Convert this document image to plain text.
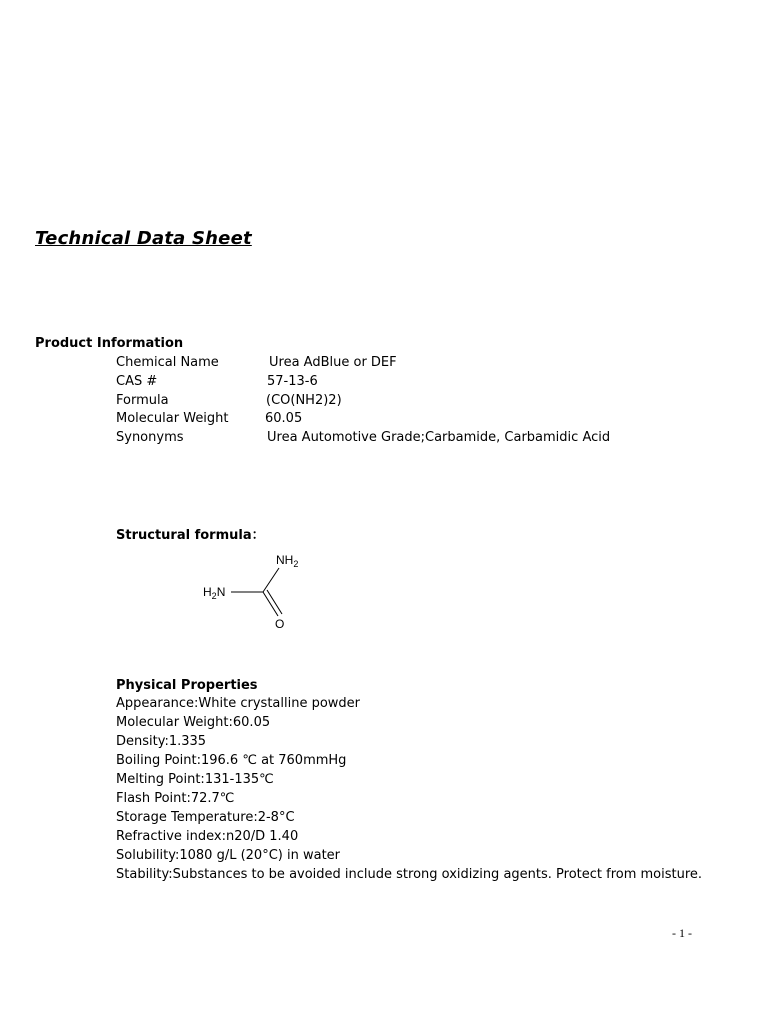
Technical Data Sheet
Product Information
Chemical Name	Urea AdBlue or DEF
CAS #	57-13-6
Formula	(CO(NH2)2)
Molecular Weight	60.05
Synonyms	Urea Automotive Grade;Carbamide, Carbamidic Acid
Structural formula：
$NH_2$
$H_2N$
O
Physical Properties
Appearance:White crystalline powder
Molecular Weight:60.05
Density:1.335
Boiling Point:196.6 ℃ at 760mmHg
Melting Point:131-135℃
Flash Point:72.7℃
Storage Temperature:2-8°C
Refractive index:n20/D 1.40
Solubility:1080 g/L (20°C) in water
Stability:Substances to be avoided include strong oxidizing agents. Protect from moisture.
- 1 -
